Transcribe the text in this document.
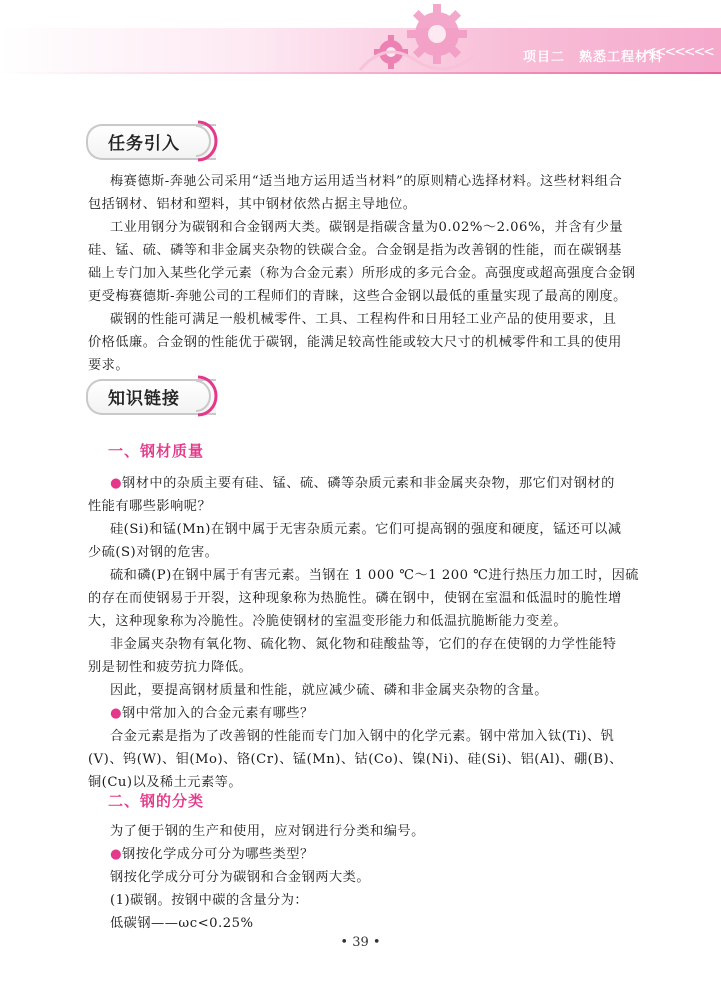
项目二　熟悉工程材料
<<<<<<<
任务引入
梅赛德斯-奔驰公司采用“适当地方运用适当材料”的原则精心选择材料。这些材料组合
包括钢材、铝材和塑料，其中钢材依然占据主导地位。
工业用钢分为碳钢和合金钢两大类。碳钢是指碳含量为0.02%～2.06%，并含有少量
硅、锰、硫、磷等和非金属夹杂物的铁碳合金。合金钢是指为改善钢的性能，而在碳钢基
础上专门加入某些化学元素（称为合金元素）所形成的多元合金。高强度或超高强度合金钢
更受梅赛德斯-奔驰公司的工程师们的青睐，这些合金钢以最低的重量实现了最高的刚度。
碳钢的性能可满足一般机械零件、工具、工程构件和日用轻工业产品的使用要求，且
价格低廉。合金钢的性能优于碳钢，能满足较高性能或较大尺寸的机械零件和工具的使用
要求。
知识链接
一、钢材质量
●钢材中的杂质主要有硅、锰、硫、磷等杂质元素和非金属夹杂物，那它们对钢材的
性能有哪些影响呢？
硅(Si)和锰(Mn)在钢中属于无害杂质元素。它们可提高钢的强度和硬度，锰还可以减
少硫(S)对钢的危害。
硫和磷(P)在钢中属于有害元素。当钢在 1 000 ℃～1 200 ℃进行热压力加工时，因硫
的存在而使钢易于开裂，这种现象称为热脆性。磷在钢中，使钢在室温和低温时的脆性增
大，这种现象称为冷脆性。冷脆使钢材的室温变形能力和低温抗脆断能力变差。
非金属夹杂物有氧化物、硫化物、氮化物和硅酸盐等，它们的存在使钢的力学性能特
别是韧性和疲劳抗力降低。
因此，要提高钢材质量和性能，就应减少硫、磷和非金属夹杂物的含量。
●钢中常加入的合金元素有哪些？
合金元素是指为了改善钢的性能而专门加入钢中的化学元素。钢中常加入钛(Ti)、钒
(V)、钨(W)、钼(Mo)、铬(Cr)、锰(Mn)、钴(Co)、镍(Ni)、硅(Si)、铝(Al)、硼(B)、
铜(Cu)以及稀土元素等。
二、钢的分类
为了便于钢的生产和使用，应对钢进行分类和编号。
●钢按化学成分可分为哪些类型？
钢按化学成分可分为碳钢和合金钢两大类。
(1)碳钢。按钢中碳的含量分为：
低碳钢——ωc<0.25%
• 39 •
